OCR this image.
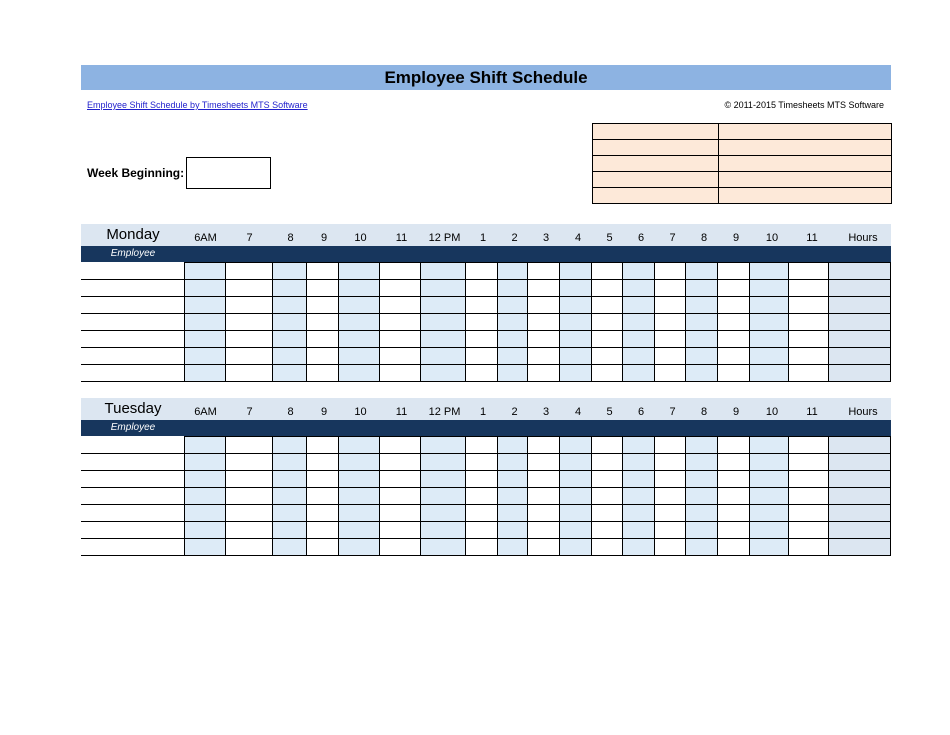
Employee Shift Schedule
Employee Shift Schedule by Timesheets MTS Software	© 2011-2015 Timesheets MTS Software
Week Beginning:

Monday	6AM	7	8	9	10	11	12 PM	1	2	3	4	5	6	7	8	9	10	11	Hours
Employee

Tuesday	6AM	7	8	9	10	11	12 PM	1	2	3	4	5	6	7	8	9	10	11	Hours
Employee
